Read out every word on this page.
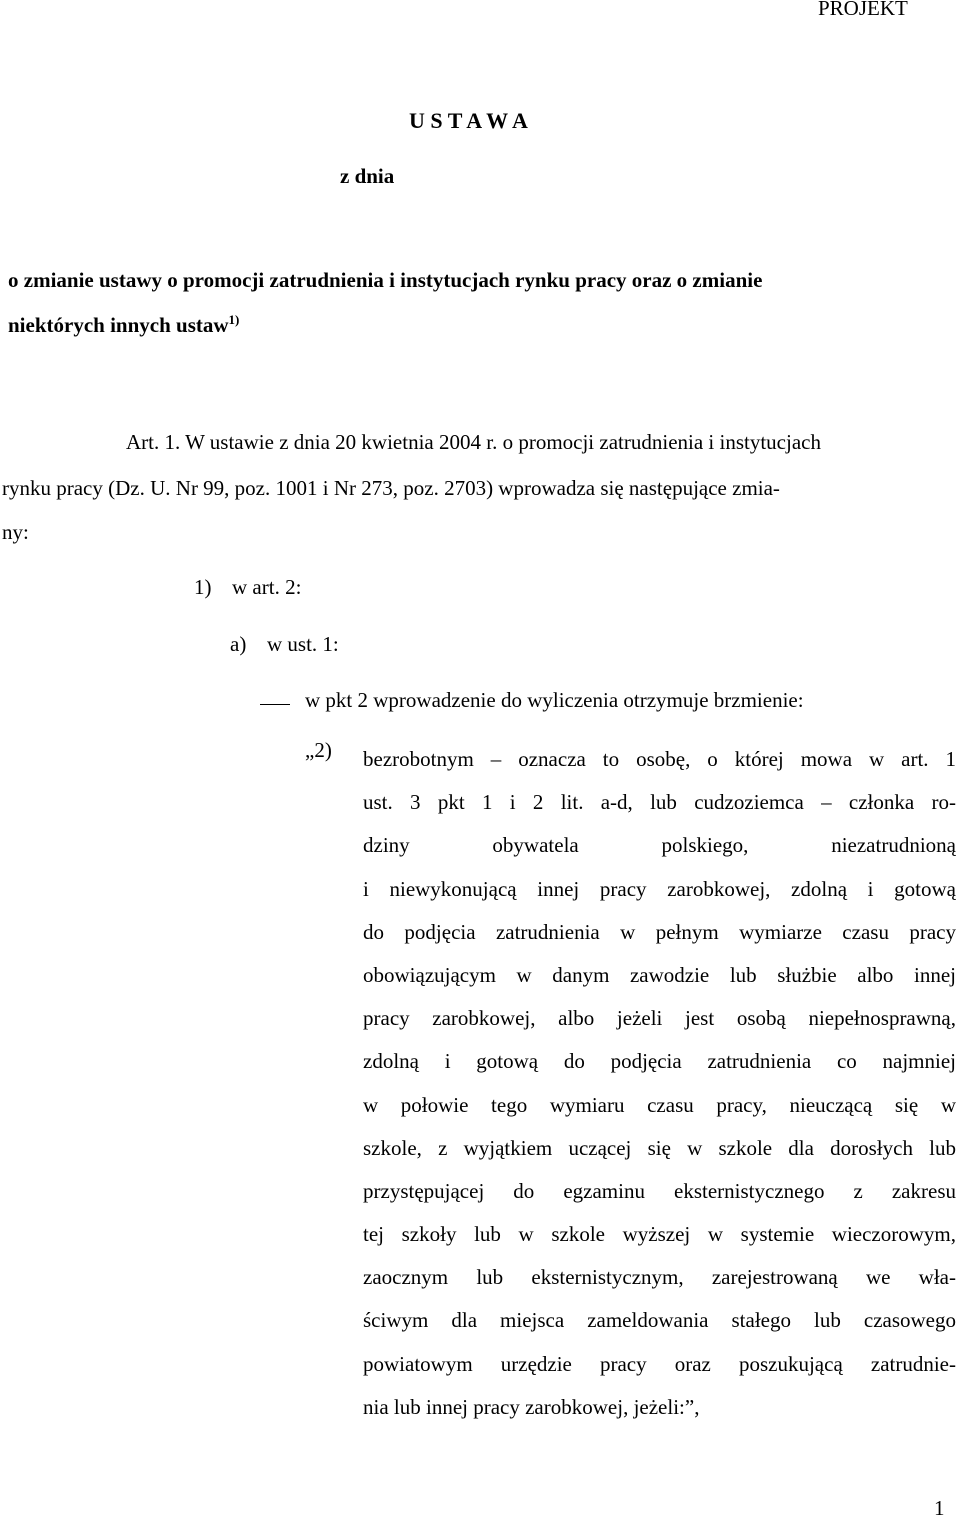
PROJEKT
U S T A W A
z dnia
o zmianie ustawy o promocji zatrudnienia i instytucjach rynku pracy oraz o zmianie
niektórych innych ustaw$^{1)}$
Art. 1. W ustawie z dnia 20 kwietnia 2004 r. o promocji zatrudnienia i instytucjach
rynku pracy (Dz. U. Nr 99, poz. 1001 i Nr 273, poz. 2703) wprowadza się następujące zmia-
ny:
1) w art. 2:
a) w ust. 1:
w pkt 2 wprowadzenie do wyliczenia otrzymuje brzmienie:
„2) bezrobotnym – oznacza to osobę, o której mowa w art. 1
ust. 3 pkt 1 i 2 lit. a-d, lub cudzoziemca – członka ro-
dziny obywatela polskiego, niezatrudnioną
i niewykonującą innej pracy zarobkowej, zdolną i gotową
do podjęcia zatrudnienia w pełnym wymiarze czasu pracy
obowiązującym w danym zawodzie lub służbie albo innej
pracy zarobkowej, albo jeżeli jest osobą niepełnosprawną,
zdolną i gotową do podjęcia zatrudnienia co najmniej
w połowie tego wymiaru czasu pracy, nieuczącą się w
szkole, z wyjątkiem uczącej się w szkole dla dorosłych lub
przystępującej do egzaminu eksternistycznego z zakresu
tej szkoły lub w szkole wyższej w systemie wieczorowym,
zaocznym lub eksternistycznym, zarejestrowaną we wła-
ściwym dla miejsca zameldowania stałego lub czasowego
powiatowym urzędzie pracy oraz poszukującą zatrudnie-
nia lub innej pracy zarobkowej, jeżeli:”,
1
